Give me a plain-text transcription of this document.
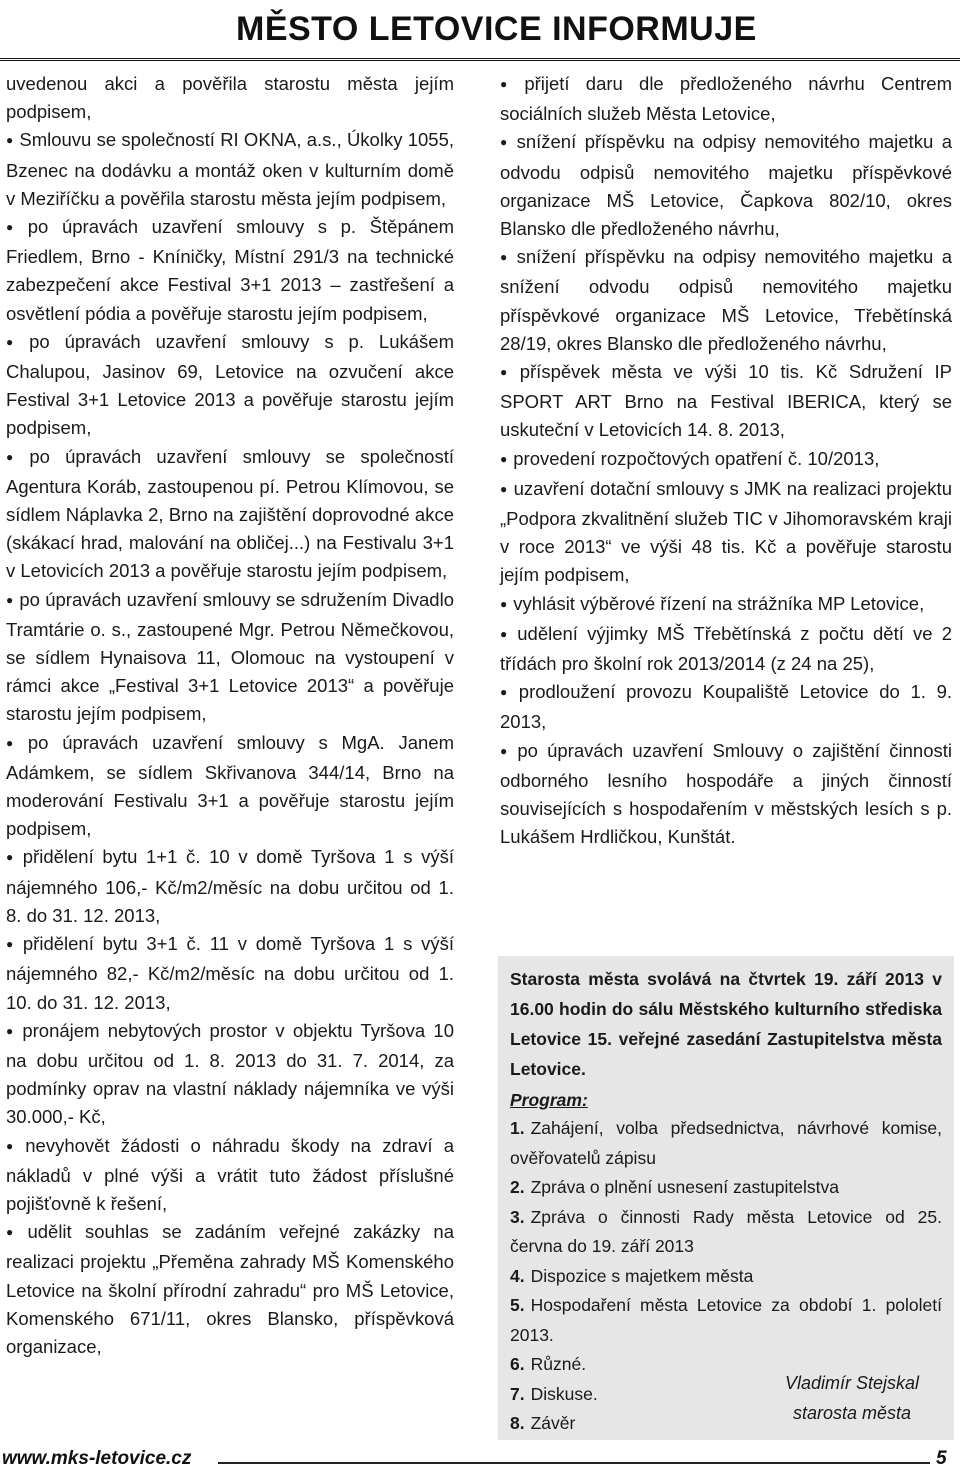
MĚSTO LETOVICE INFORMUJE

uvedenou akci a pověřila starostu města jejím podpisem,

● Smlouvu se společností RI OKNA, a.s., Úkolky 1055, Bzenec na dodávku a montáž oken v kulturním domě v Meziříčku a pověřila starostu města jejím podpisem,

● po úpravách uzavření smlouvy s p. Štěpánem Friedlem, Brno - Kníničky, Místní 291/3 na technické zabezpečení akce Festival 3+1 2013 – zastřešení a osvětlení pódia a pověřuje starostu jejím podpisem,

● po úpravách uzavření smlouvy s p. Lukášem Chalupou, Jasinov 69, Letovice na ozvučení akce Festival 3+1 Letovice 2013 a pověřuje starostu jejím podpisem,

● po úpravách uzavření smlouvy se společností Agentura Koráb, zastoupenou pí. Petrou Klímovou, se sídlem Náplavka 2, Brno na zajištění doprovodné akce (skákací hrad, malování na obličej...) na Festivalu 3+1 v Letovicích 2013 a pověřuje starostu jejím podpisem,

● po úpravách uzavření smlouvy se sdružením Divadlo Tramtárie o. s., zastoupené Mgr. Petrou Němečkovou, se sídlem Hynaisova 11, Olomouc na vystoupení v rámci akce „Festival 3+1 Letovice 2013“ a pověřuje starostu jejím podpisem,

● po úpravách uzavření smlouvy s MgA. Janem Adámkem, se sídlem Skřivanova 344/14, Brno na moderování Festivalu 3+1 a pověřuje starostu jejím podpisem,

● přidělení bytu 1+1 č. 10 v domě Tyršova 1 s výší nájemného 106,- Kč/m2/měsíc na dobu určitou od 1. 8. do 31. 12. 2013,

● přidělení bytu 3+1 č. 11 v domě Tyršova 1 s výší nájemného 82,- Kč/m2/měsíc na dobu určitou od 1. 10. do 31. 12. 2013,

● pronájem nebytových prostor v objektu Tyršova 10 na dobu určitou od 1. 8. 2013 do 31. 7. 2014, za podmínky oprav na vlastní náklady nájemníka ve výši 30.000,- Kč,

● nevyhovět žádosti o náhradu škody na zdraví a nákladů v plné výši a vrátit tuto žádost příslušné pojišťovně k řešení,

● udělit souhlas se zadáním veřejné zakázky na realizaci projektu „Přeměna zahrady MŠ Komenského Letovice na školní přírodní zahradu“ pro MŠ Letovice, Komenského 671/11, okres Blansko, příspěvková organizace,

● přijetí daru dle předloženého návrhu Centrem sociálních služeb Města Letovice,

● snížení příspěvku na odpisy nemovitého majetku a odvodu odpisů nemovitého majetku příspěvkové organizace MŠ Letovice, Čapkova 802/10, okres Blansko dle předloženého návrhu,

● snížení příspěvku na odpisy nemovitého majetku a snížení odvodu odpisů nemovitého majetku příspěvkové organizace MŠ Letovice, Třebětínská 28/19, okres Blansko dle předloženého návrhu,

● příspěvek města ve výši 10 tis. Kč Sdružení IP SPORT ART Brno na Festival IBERICA, který se uskuteční v Letovicích 14. 8. 2013,

● provedení rozpočtových opatření č. 10/2013,

● uzavření dotační smlouvy s JMK na realizaci projektu „Podpora zkvalitnění služeb TIC v Jihomoravském kraji v roce 2013“ ve výši 48 tis. Kč a pověřuje starostu jejím podpisem,

● vyhlásit výběrové řízení na strážníka MP Letovice,

● udělení výjimky MŠ Třebětínská z počtu dětí ve 2 třídách pro školní rok 2013/2014 (z 24 na 25),

● prodloužení provozu Koupaliště Letovice do 1. 9. 2013,

● po úpravách uzavření Smlouvy o zajištění činnosti odborného lesního hospodáře a jiných činností souvisejících s hospodařením v městských lesích s p. Lukášem Hrdličkou, Kunštát.

Starosta města svolává na čtvrtek 19. září 2013 v 16.00 hodin do sálu Městského kulturního střediska Letovice 15. veřejné zasedání Zastupitelstva města Letovice.

Program:

1. Zahájení, volba předsednictva, návrhové komise, ověřovatelů zápisu
2. Zpráva o plnění usnesení zastupitelstva
3. Zpráva o činnosti Rady města Letovice od 25. června do 19. září 2013
4. Dispozice s majetkem města
5. Hospodaření města Letovice za období 1. pololetí 2013.
6. Různé.
7. Diskuse.
8. Závěr
Vladimír Stejskal
starosta města
www.mks-letovice.cz	5
